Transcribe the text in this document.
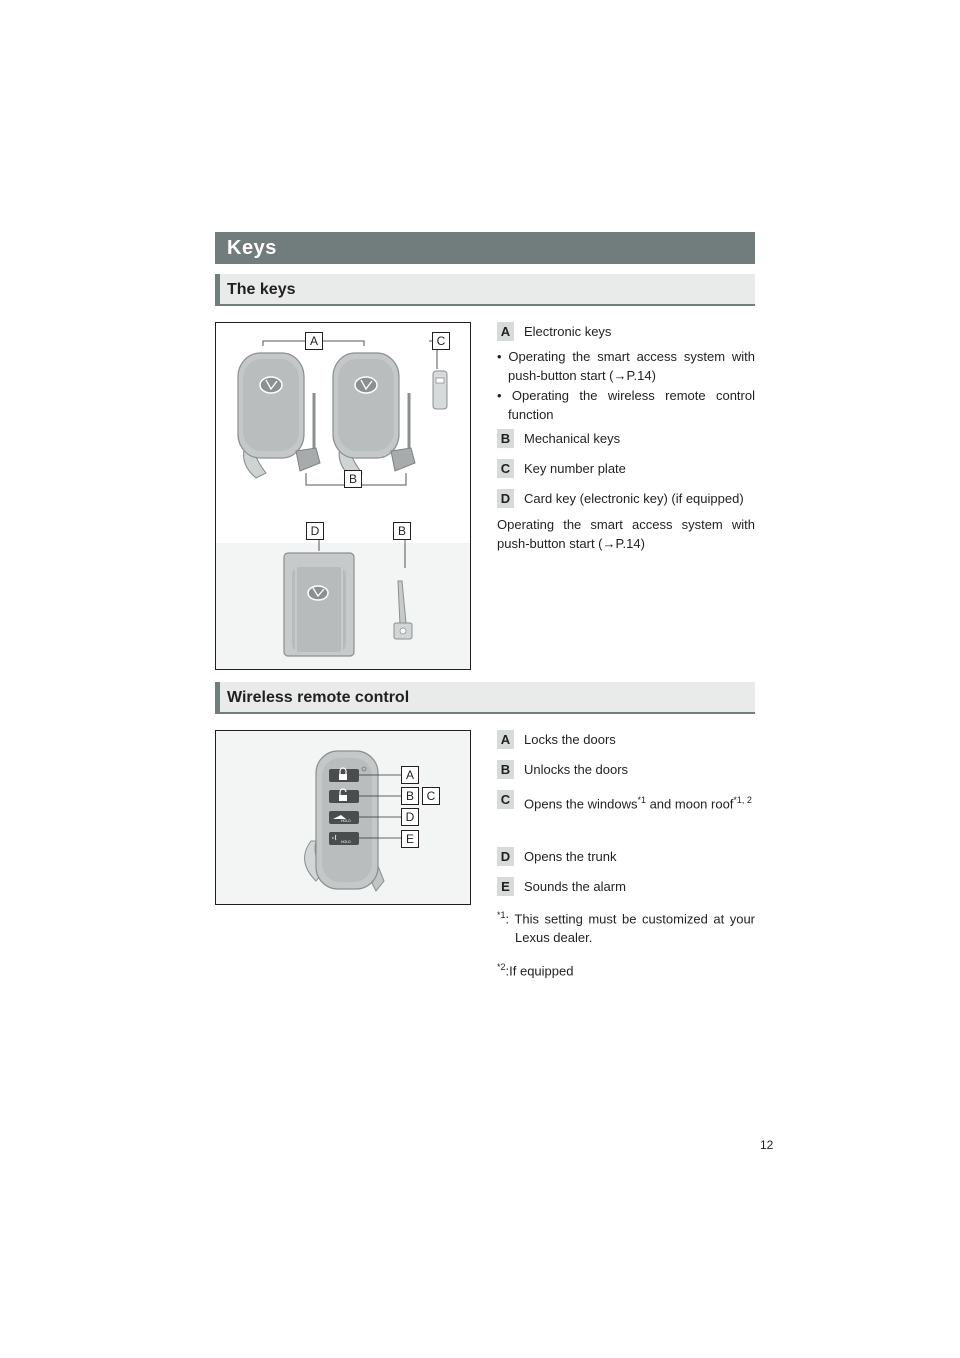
Keys
The keys
A	C
B
D	B
A Electronic keys
• Operating the smart access system with push-button start (→P.14)
• Operating the wireless remote control function
B Mechanical keys
C Key number plate
D Card key (electronic key) (if equipped)
Operating the smart access system with push-button start (→P.14)
Wireless remote control
HOLD
HOLD
A
B	C
D
E
A Locks the doors
B Unlocks the doors
C Opens the windows$^{*1}$ and moon roof$^{*1, 2}$
D Opens the trunk
E	Sounds the alarm
$^{*1}$: This setting must be customized at your Lexus dealer.
$^{*2}$:If equipped
12
